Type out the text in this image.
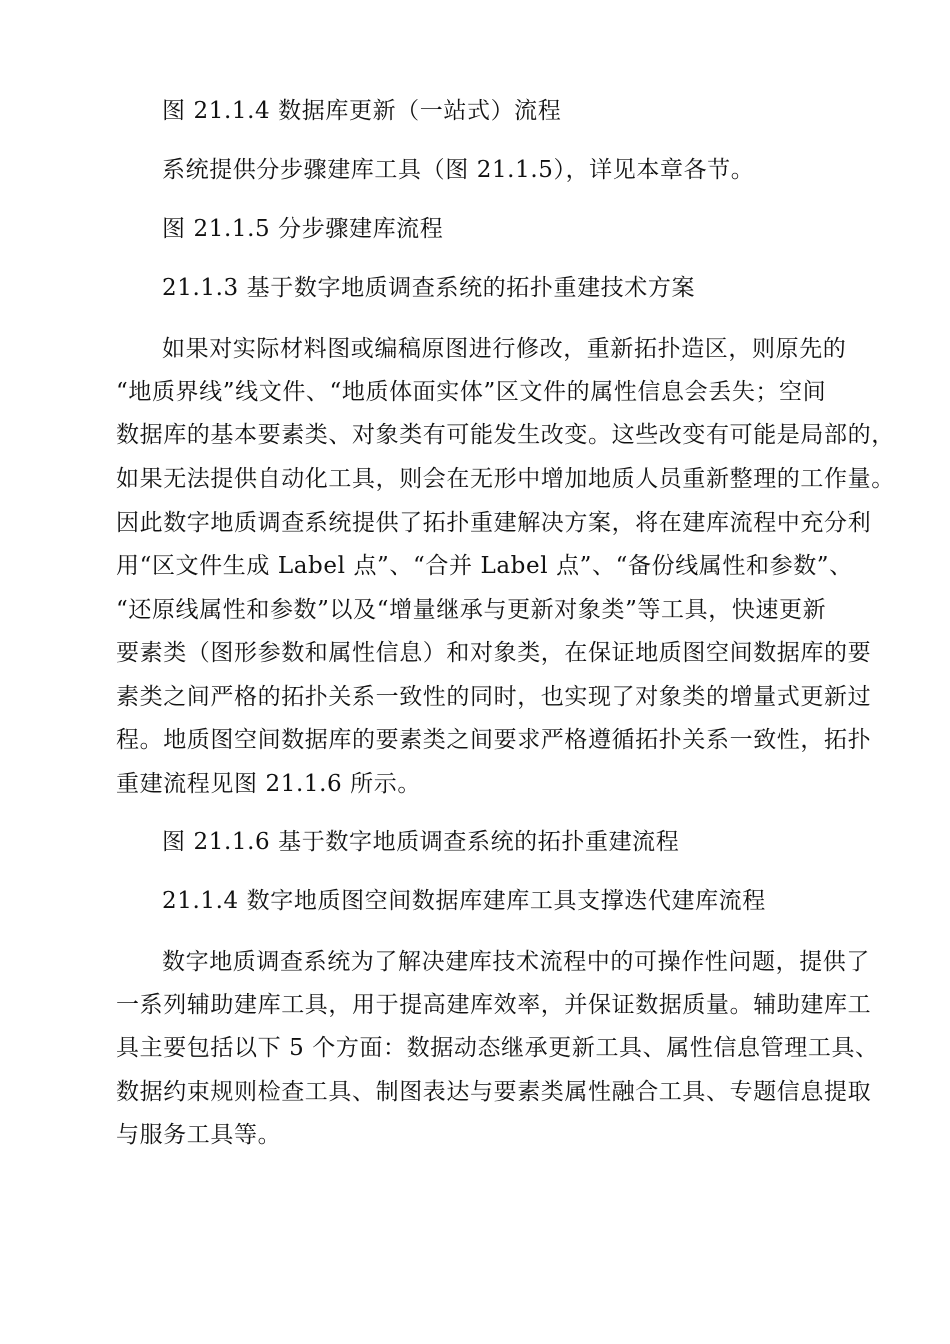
图 21.1.4 数据库更新（一站式）流程
系统提供分步骤建库工具（图 21.1.5），详见本章各节。
图 21.1.5 分步骤建库流程
21.1.3 基于数字地质调查系统的拓扑重建技术方案
如果对实际材料图或编稿原图进行修改，重新拓扑造区，则原先的
“地质界线”线文件、“地质体面实体”区文件的属性信息会丢失；空间
数据库的基本要素类、对象类有可能发生改变。这些改变有可能是局部的，
如果无法提供自动化工具，则会在无形中增加地质人员重新整理的工作量。
因此数字地质调查系统提供了拓扑重建解决方案，将在建库流程中充分利
用“区文件生成 Label 点”、“合并 Label 点”、“备份线属性和参数”、
“还原线属性和参数”以及“增量继承与更新对象类”等工具，快速更新
要素类（图形参数和属性信息）和对象类，在保证地质图空间数据库的要
素类之间严格的拓扑关系一致性的同时，也实现了对象类的增量式更新过
程。地质图空间数据库的要素类之间要求严格遵循拓扑关系一致性，拓扑
重建流程见图 21.1.6 所示。
图 21.1.6 基于数字地质调查系统的拓扑重建流程
21.1.4 数字地质图空间数据库建库工具支撑迭代建库流程
数字地质调查系统为了解决建库技术流程中的可操作性问题，提供了
一系列辅助建库工具，用于提高建库效率，并保证数据质量。辅助建库工
具主要包括以下 5 个方面：数据动态继承更新工具、属性信息管理工具、
数据约束规则检查工具、制图表达与要素类属性融合工具、专题信息提取
与服务工具等。
